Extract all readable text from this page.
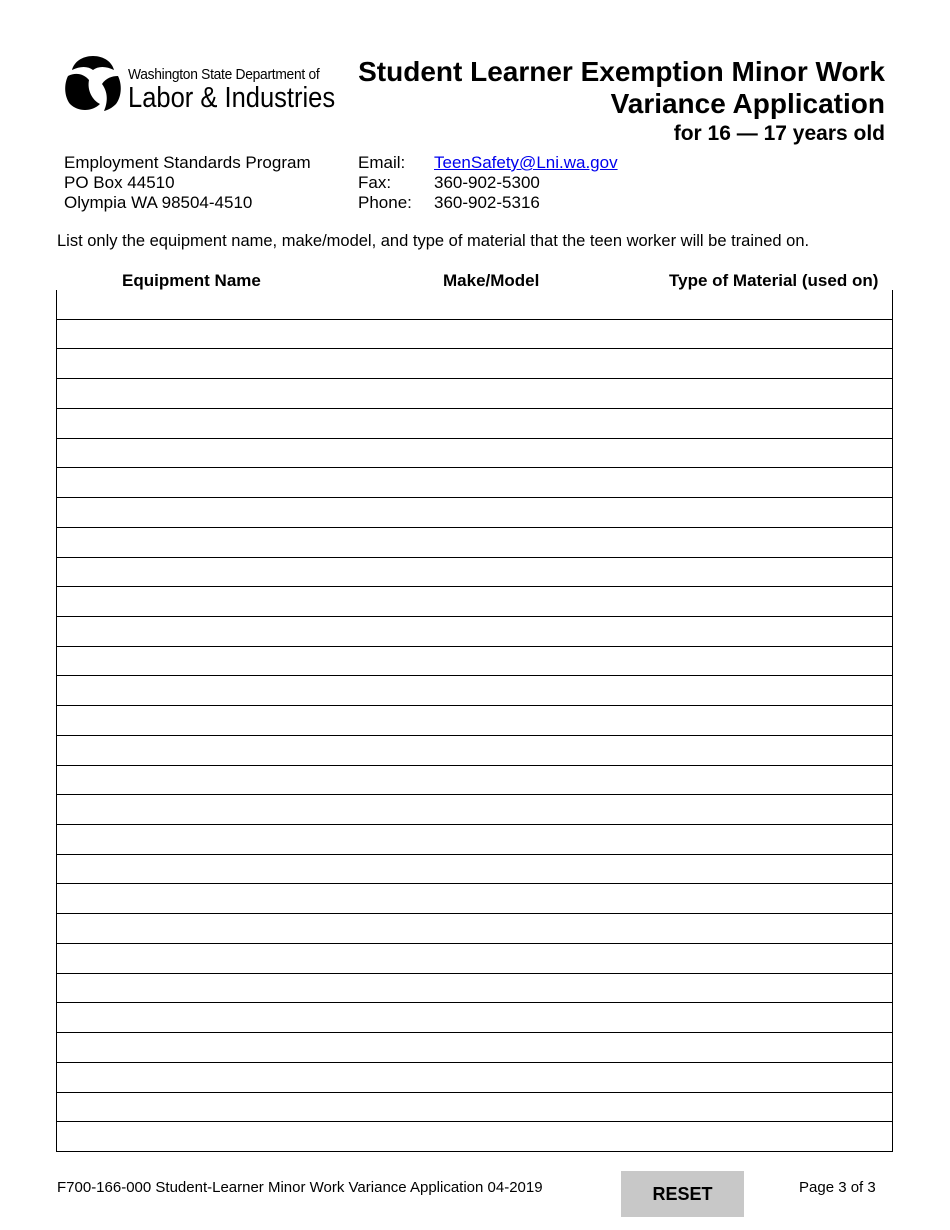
Washington State Department of
Labor & Industries
Student Learner Exemption Minor Work
Variance Application
for 16 — 17 years old
Employment Standards Program
PO Box 44510
Olympia WA 98504-4510
Email:	TeenSafety@Lni.wa.gov
Fax:	360-902-5300
Phone:	360-902-5316
List only the equipment name, make/model, and type of material that the teen worker will be trained on.
Equipment Name	Make/Model	Type of Material (used on)
F700-166-000 Student-Learner Minor Work Variance Application 04-2019	RESET	Page 3 of 3
